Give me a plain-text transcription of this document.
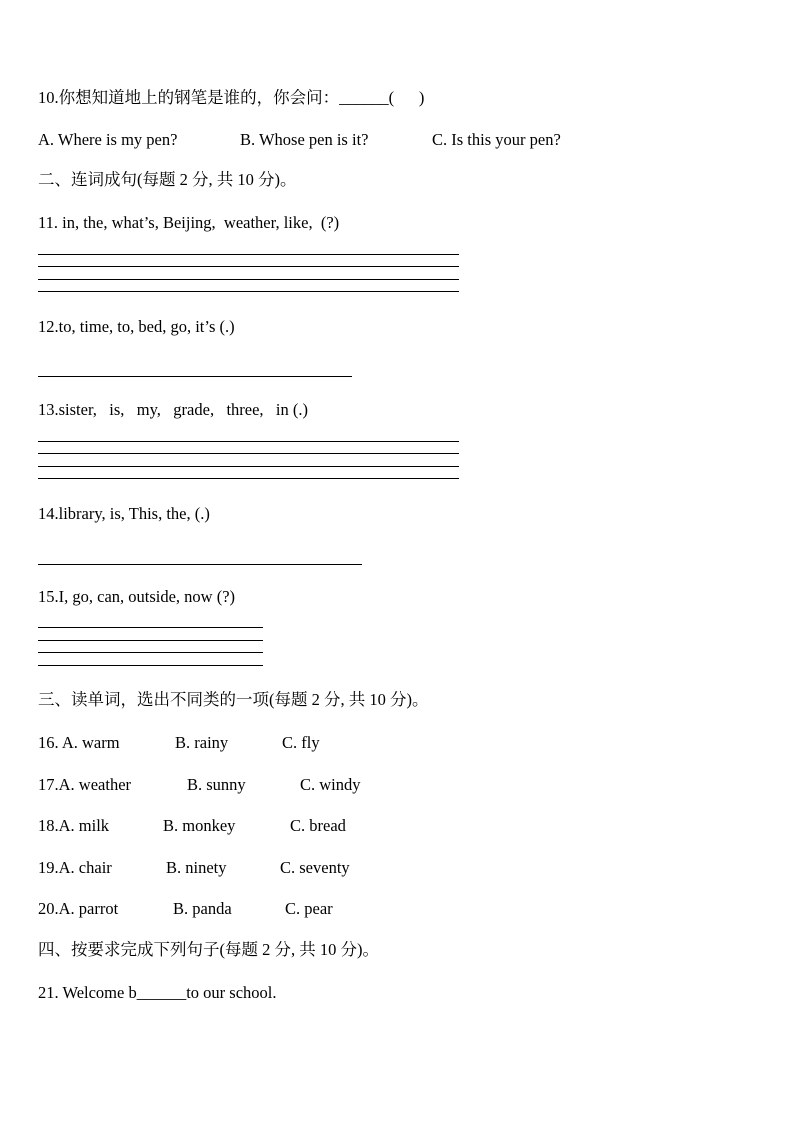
10.你想知道地上的钢笔是谁的，你会问：______(      )
A. Where is my pen?	B. Whose pen is it?	C. Is this your pen?
二、连词成句(每题 2 分, 共 10 分)。
11. in, the, what’s, Beijing,  weather, like,  (?)
12.to, time, to, bed, go, it’s (.)
13.sister,   is,   my,   grade,   three,   in (.)
14.library, is, This, the, (.)
15.I, go, can, outside, now (?)
三、读单词，选出不同类的一项(每题 2 分, 共 10 分)。
16. A. warm	B. rainy	C. fly
17.A. weather	B. sunny	C. windy
18.A. milk	B. monkey	C. bread
19.A. chair	B. ninety	C. seventy
20.A. parrot	B. panda	C. pear
四、按要求完成下列句子(每题 2 分, 共 10 分)。
21. Welcome b______to our school.
